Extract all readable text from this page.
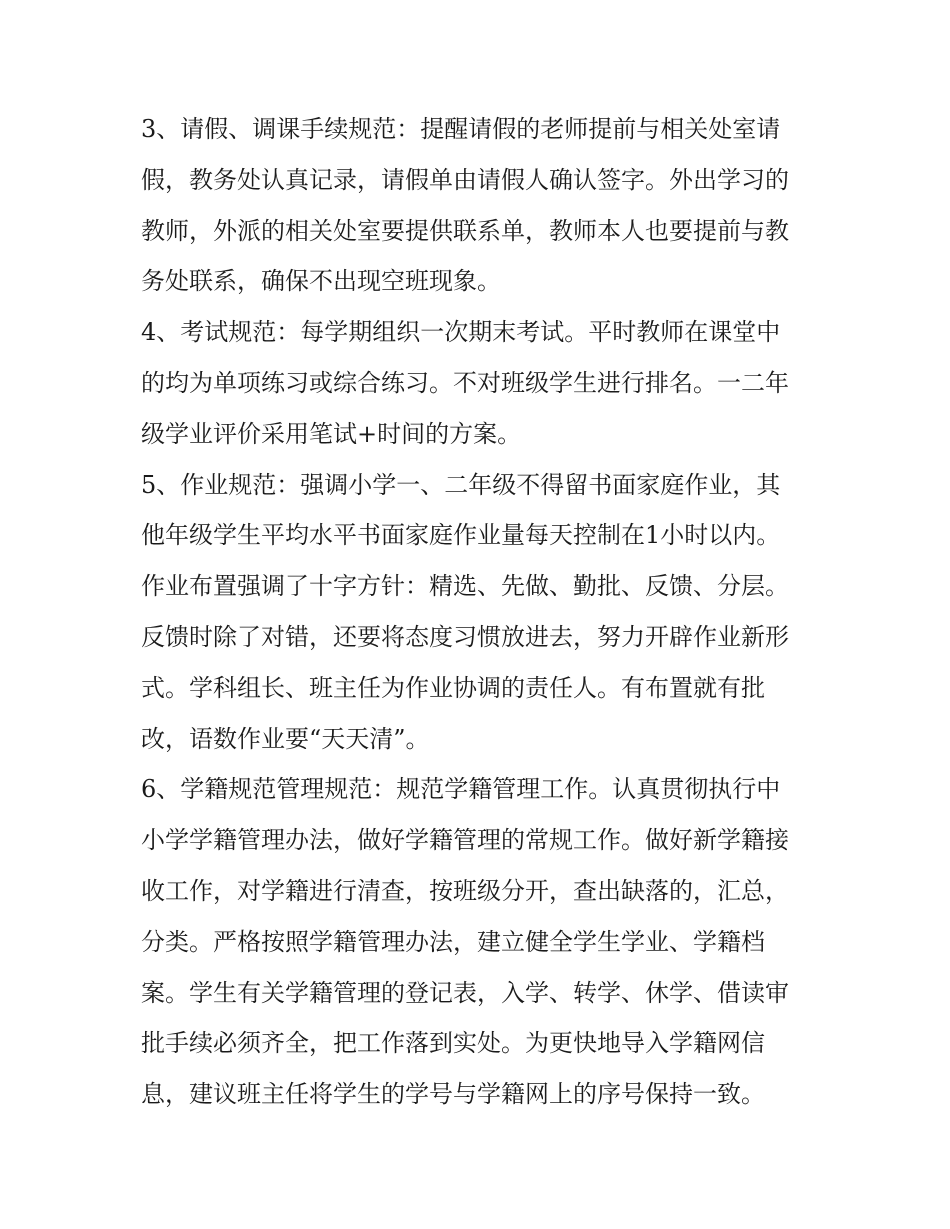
3、请假、调课手续规范：提醒请假的老师提前与相关处室请
假，教务处认真记录，请假单由请假人确认签字。外出学习的
教师，外派的相关处室要提供联系单，教师本人也要提前与教
务处联系，确保不出现空班现象。
4、考试规范：每学期组织一次期末考试。平时教师在课堂中
的均为单项练习或综合练习。不对班级学生进行排名。一二年
级学业评价采用笔试+时间的方案。
5、作业规范：强调小学一、二年级不得留书面家庭作业，其
他年级学生平均水平书面家庭作业量每天控制在1小时以内。
作业布置强调了十字方针：精选、先做、勤批、反馈、分层。
反馈时除了对错，还要将态度习惯放进去，努力开辟作业新形
式。学科组长、班主任为作业协调的责任人。有布置就有批
改，语数作业要“天天清”。
6、学籍规范管理规范：规范学籍管理工作。认真贯彻执行中
小学学籍管理办法，做好学籍管理的常规工作。做好新学籍接
收工作，对学籍进行清查，按班级分开，查出缺落的，汇总，
分类。严格按照学籍管理办法，建立健全学生学业、学籍档
案。学生有关学籍管理的登记表，入学、转学、休学、借读审
批手续必须齐全，把工作落到实处。为更快地导入学籍网信
息，建议班主任将学生的学号与学籍网上的序号保持一致。
